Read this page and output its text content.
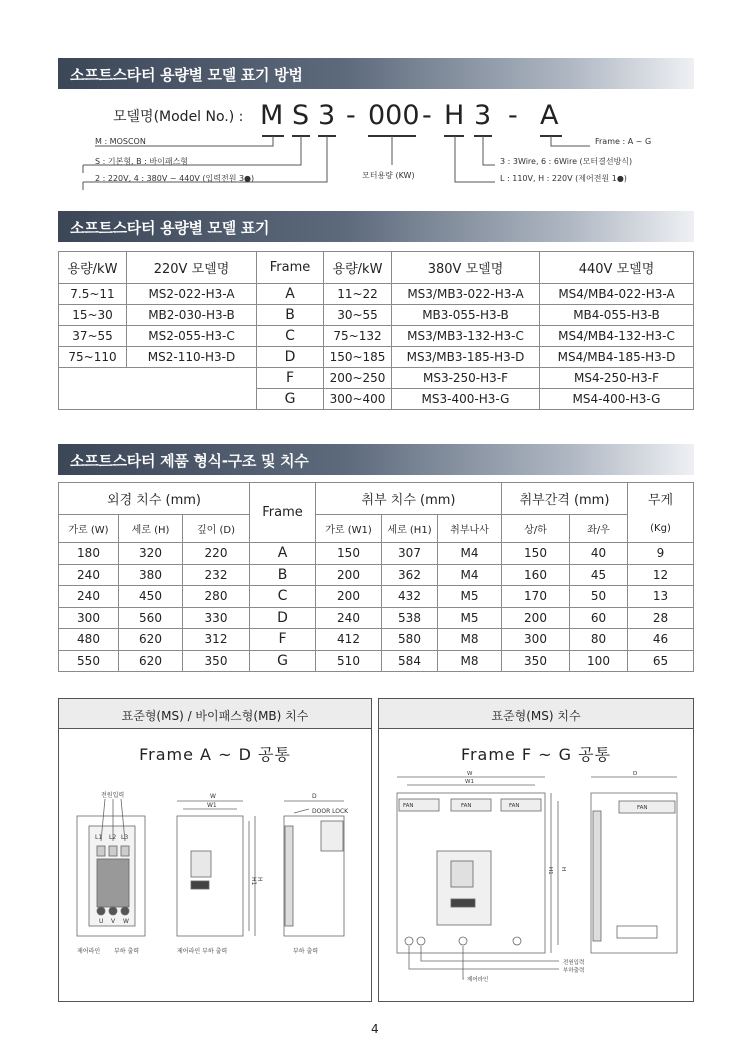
소프트스타터 용량별 모델 표기 방법
모델명(Model No.) : M S 3 - 000 - H 3 - A
M : MOSCON
S : 기본형, B : 바이패스형
2 : 220V, 4 : 380V ~ 440V (입력전원 3●)	모터용량 (KW)
Frame : A ~ G
3 : 3Wire, 6 : 6Wire (모터결선방식)
L : 110V, H : 220V (제어전원 1●)
소프트스타터 용량별 모델 표기
용량/kW	220V 모델명	Frame	용량/kW	380V 모델명	440V 모델명
7.5~11	MS2-022-H3-A	A	11~22	MS3/MB3-022-H3-A	MS4/MB4-022-H3-A
15~30	MB2-030-H3-B	B	30~55	MB3-055-H3-B	MB4-055-H3-B
37~55	MS2-055-H3-C	C	75~132	MS3/MB3-132-H3-C	MS4/MB4-132-H3-C
75~110	MS2-110-H3-D	D	150~185	MS3/MB3-185-H3-D	MS4/MB4-185-H3-D
		F	200~250	MS3-250-H3-F	MS4-250-H3-F
		G	300~400	MS3-400-H3-G	MS4-400-H3-G
소프트스타터 제품 형식-구조 및 치수
외경 치수 (mm)			Frame	취부 치수 (mm)			취부간격 (mm)		무게
가로 (W)	세로 (H)	깊이 (D)		가로 (W1)	세로 (H1)	취부나사	상/하	좌/우	(Kg)
180	320	220	A	150	307	M4	150	40	9
240	380	232	B	200	362	M4	160	45	12
240	450	280	C	200	432	M5	170	50	13
300	560	330	D	240	538	M5	200	60	28
480	620	312	F	412	580	M8	300	80	46
550	620	350	G	510	584	M8	350	100	65
표준형(MS) / 바이패스형(MB) 치수
Frame A ~ D 공통
전원입력	W
W1
D
DOOR LOCK
H1 H
L1 L2 L3
U V W
제어라인 부하 출력	제어라인 부하 출력	부하 출력
표준형(MS) 치수
Frame F ~ G 공통
W
W1
D
FAN	FAN	FAN	FAN
H1 H
전원입력
부하출력
제어라인
4
